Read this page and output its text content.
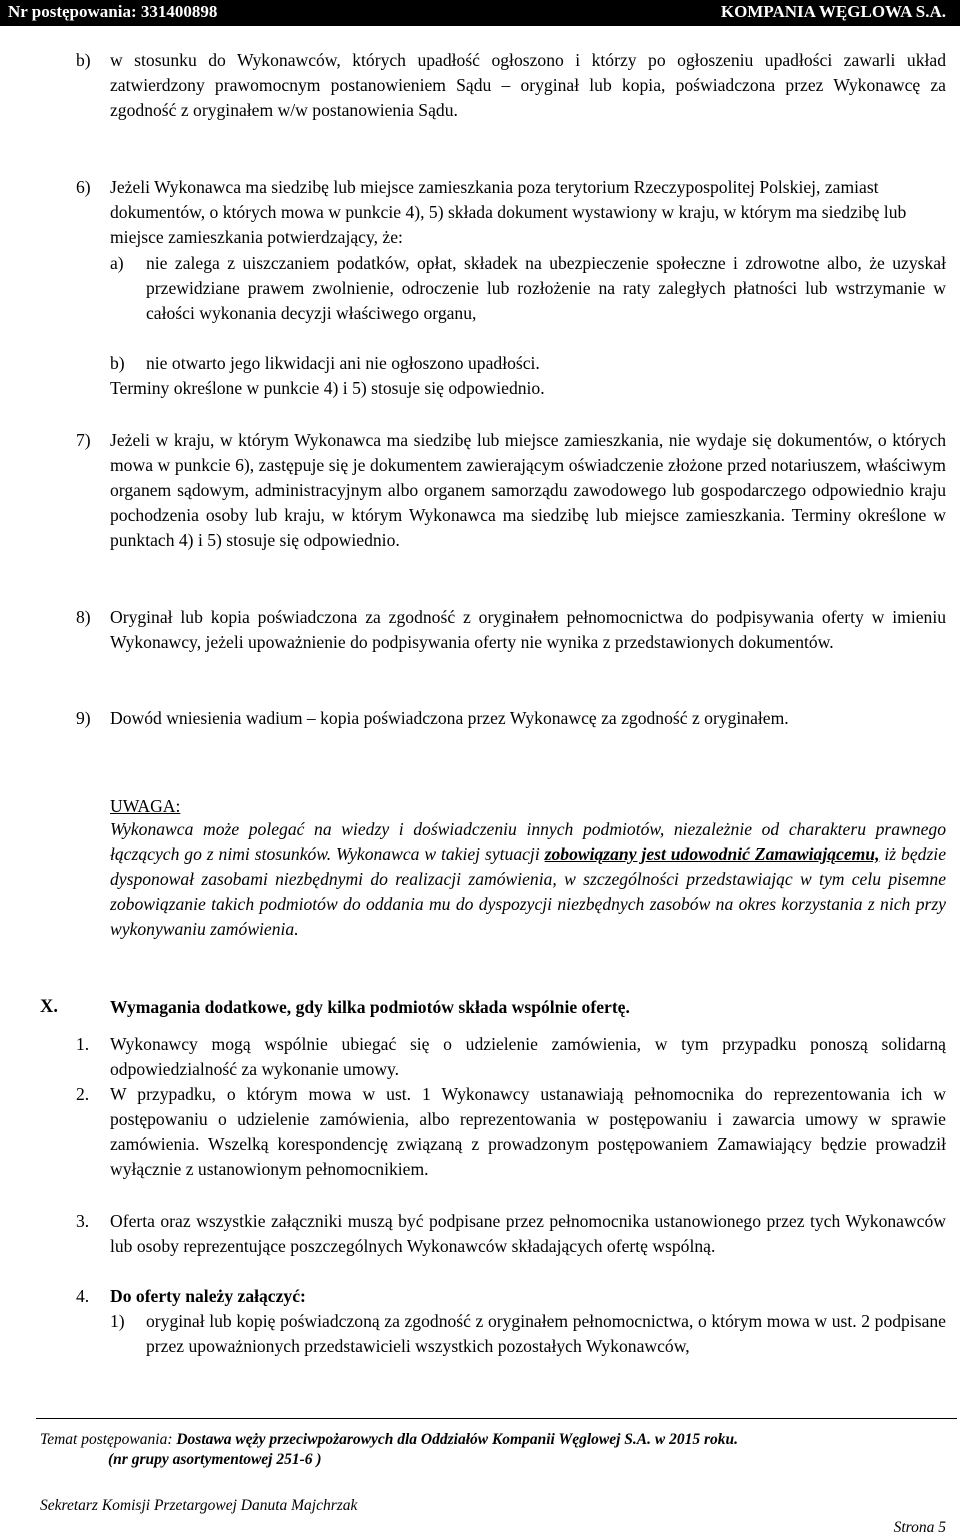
Nr postępowania: 331400898	KOMPANIA WĘGLOWA S.A.
b) w stosunku do Wykonawców, których upadłość ogłoszono i którzy po ogłoszeniu upadłości zawarli układ zatwierdzony prawomocnym postanowieniem Sądu – oryginał lub kopia, poświadczona przez Wykonawcę za zgodność z oryginałem w/w postanowienia Sądu.
6) Jeżeli Wykonawca ma siedzibę lub miejsce zamieszkania poza terytorium Rzeczypospolitej Polskiej, zamiast dokumentów, o których mowa w punkcie 4), 5) składa dokument wystawiony w kraju, w którym ma siedzibę lub miejsce zamieszkania potwierdzający, że:
a) nie zalega z uiszczaniem podatków, opłat, składek na ubezpieczenie społeczne i zdrowotne albo, że uzyskał przewidziane prawem zwolnienie, odroczenie lub rozłożenie na raty zaległych płatności lub wstrzymanie w całości wykonania decyzji właściwego organu,
b) nie otwarto jego likwidacji ani nie ogłoszono upadłości.
Terminy określone w punkcie 4) i 5) stosuje się odpowiednio.
7) Jeżeli w kraju, w którym Wykonawca ma siedzibę lub miejsce zamieszkania, nie wydaje się dokumentów, o których mowa w punkcie 6), zastępuje się je dokumentem zawierającym oświadczenie złożone przed notariuszem, właściwym organem sądowym, administracyjnym albo organem samorządu zawodowego lub gospodarczego odpowiednio kraju pochodzenia osoby lub kraju, w którym Wykonawca ma siedzibę lub miejsce zamieszkania. Terminy określone w punktach 4) i 5) stosuje się odpowiednio.
8) Oryginał lub kopia poświadczona za zgodność z oryginałem pełnomocnictwa do podpisywania oferty w imieniu Wykonawcy, jeżeli upoważnienie do podpisywania oferty nie wynika z przedstawionych dokumentów.
9) Dowód wniesienia wadium – kopia poświadczona przez Wykonawcę za zgodność z oryginałem.
UWAGA:
Wykonawca może polegać na wiedzy i doświadczeniu innych podmiotów, niezależnie od charakteru prawnego łączących go z nimi stosunków. Wykonawca w takiej sytuacji zobowiązany jest udowodnić Zamawiającemu, iż będzie dysponował zasobami niezbędnymi do realizacji zamówienia, w szczególności przedstawiając w tym celu pisemne zobowiązanie takich podmiotów do oddania mu do dyspozycji niezbędnych zasobów na okres korzystania z nich przy wykonywaniu zamówienia.
X.	Wymagania dodatkowe, gdy kilka podmiotów składa wspólnie ofertę.
1. Wykonawcy mogą wspólnie ubiegać się o udzielenie zamówienia, w tym przypadku ponoszą solidarną odpowiedzialność za wykonanie umowy.
2. W przypadku, o którym mowa w ust. 1 Wykonawcy ustanawiają pełnomocnika do reprezentowania ich w postępowaniu o udzielenie zamówienia, albo reprezentowania w postępowaniu i zawarcia umowy w sprawie zamówienia. Wszelką korespondencję związaną z prowadzonym postępowaniem Zamawiający będzie prowadził wyłącznie z ustanowionym pełnomocnikiem.
3. Oferta oraz wszystkie załączniki muszą być podpisane przez pełnomocnika ustanowionego przez tych Wykonawców lub osoby reprezentujące poszczególnych Wykonawców składających ofertę wspólną.
4. Do oferty należy załączyć:
1) oryginał lub kopię poświadczoną za zgodność z oryginałem pełnomocnictwa, o którym mowa w ust. 2 podpisane przez upoważnionych przedstawicieli wszystkich pozostałych Wykonawców,
Temat postępowania: Dostawa węży przeciwpożarowych dla Oddziałów Kompanii Węglowej S.A. w 2015 roku.
(nr grupy asortymentowej 251-6 )
Sekretarz Komisji Przetargowej Danuta Majchrzak
Strona 5
